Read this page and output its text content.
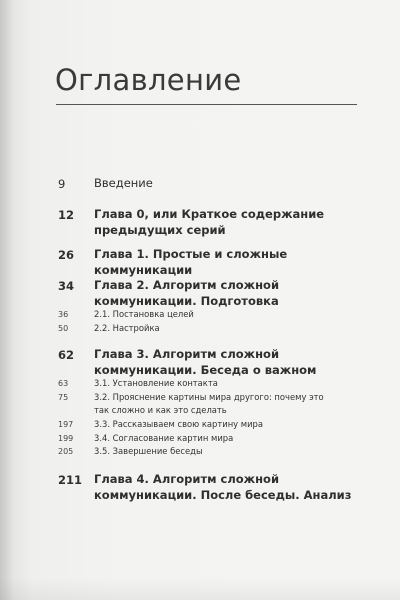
Оглавление
9 Введение
12 Глава 0, или Краткое содержание предыдущих серий
26 Глава 1. Простые и сложные коммуникации
34 Глава 2. Алгоритм сложной коммуникации. Подготовка
36	2.1. Постановка целей
50	2.2. Настройка
62 Глава 3. Алгоритм сложной коммуникации. Беседа о важном
63	3.1. Установление контакта
75	3.2. Прояснение картины мира другого: почему это так сложно и как это сделать
197 3.3. Рассказываем свою картину мира
199 3.4. Согласование картин мира
205 3.5. Завершение беседы
211 Глава 4. Алгоритм сложной коммуникации. После беседы. Анализ
